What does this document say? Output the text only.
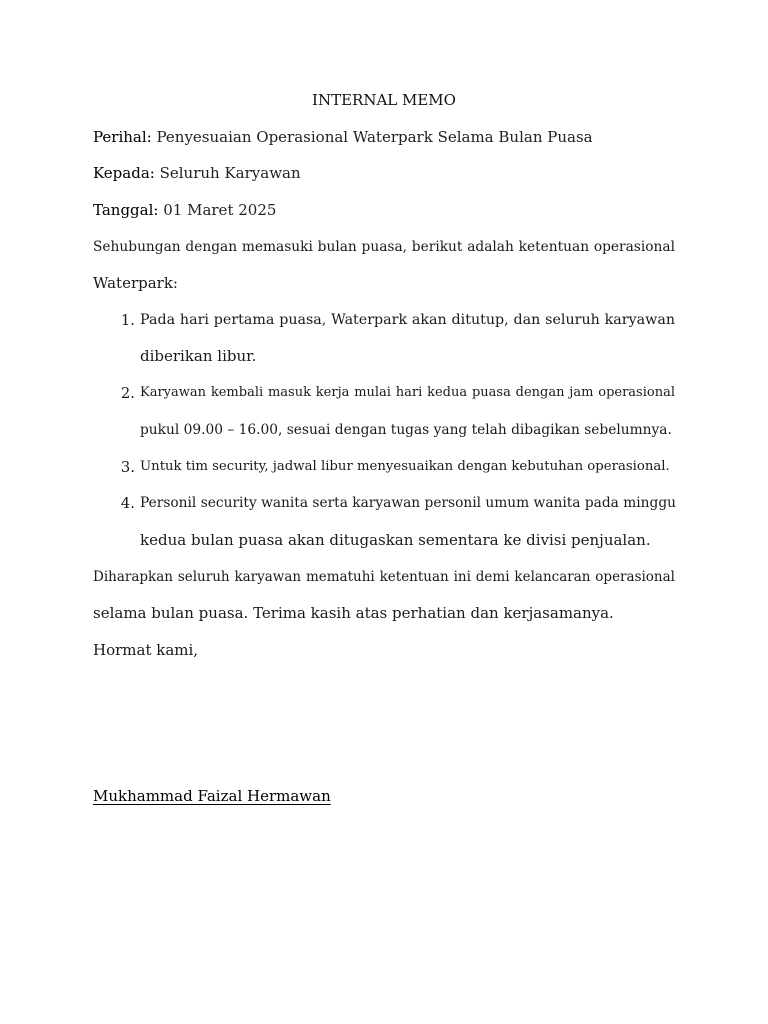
INTERNAL MEMO
Perihal: Penyesuaian Operasional Waterpark Selama Bulan Puasa
Kepada: Seluruh Karyawan
Tanggal: 01 Maret 2025
Sehubungan dengan memasuki bulan puasa, berikut adalah ketentuan operasional
Waterpark:
1. Pada hari pertama puasa, Waterpark akan ditutup, dan seluruh karyawan
diberikan libur.
2. Karyawan kembali masuk kerja mulai hari kedua puasa dengan jam operasional
pukul 09.00 – 16.00, sesuai dengan tugas yang telah dibagikan sebelumnya.
3. Untuk tim security, jadwal libur menyesuaikan dengan kebutuhan operasional.
4. Personil security wanita serta karyawan personil umum wanita pada minggu
kedua bulan puasa akan ditugaskan sementara ke divisi penjualan.
Diharapkan seluruh karyawan mematuhi ketentuan ini demi kelancaran operasional
selama bulan puasa. Terima kasih atas perhatian dan kerjasamanya.
Hormat kami,
Mukhammad Faizal Hermawan
